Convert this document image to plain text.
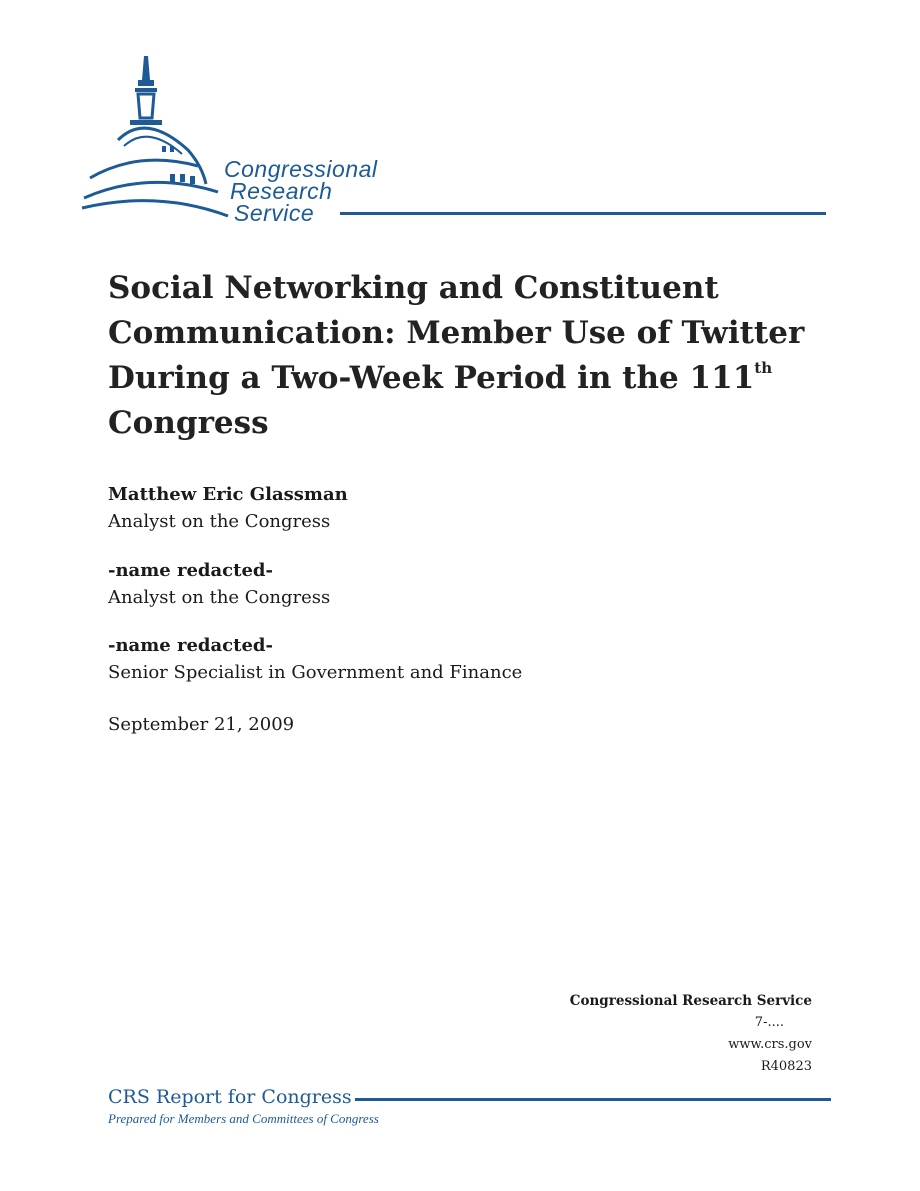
Congressional

Research

Service

Social Networking and Constituent Communication: Member Use of Twitter During a Two-Week Period in the 111th
Congress

Matthew Eric Glassman
Analyst on the Congress

-name redacted-
Analyst on the Congress

-name redacted-
Senior Specialist in Government and Finance

September 21, 2009

Congressional Research Service
7-....
www.crs.gov
R40823

CRS Report for Congress

Prepared for Members and Committees of Congress
